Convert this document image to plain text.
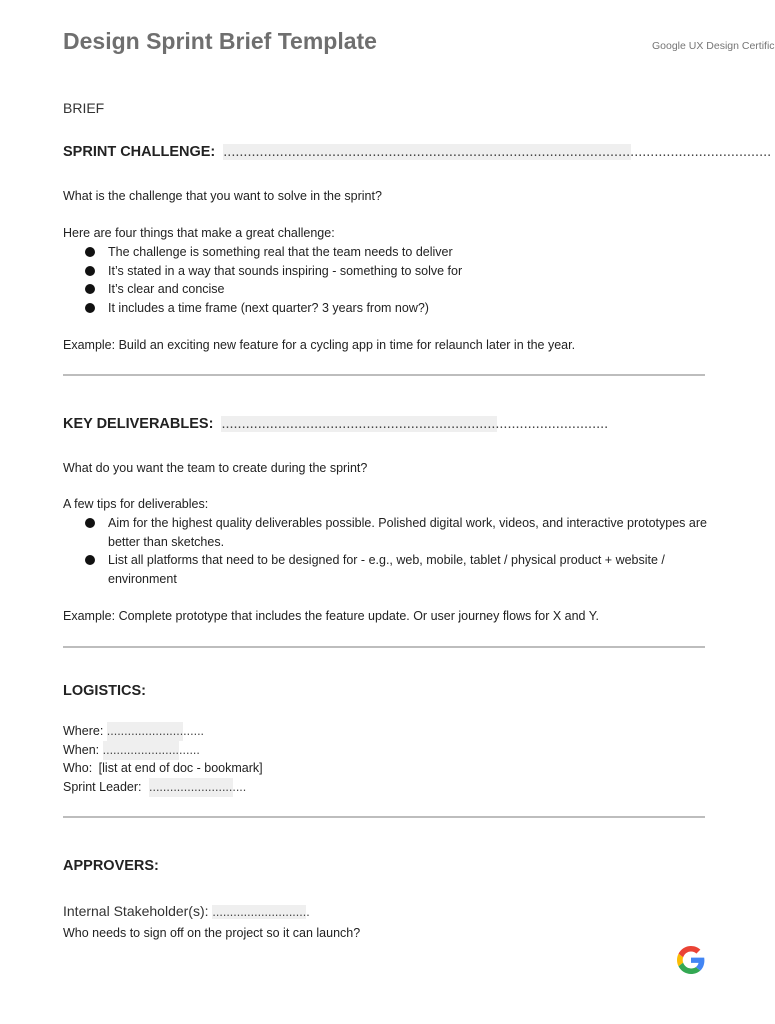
Design Sprint Brief Template	Google UX Design Certific
BRIEF
SPRINT CHALLENGE: ........................................................................................................................................
What is the challenge that you want to solve in the sprint?
Here are four things that make a great challenge:
The challenge is something real that the team needs to deliver
It’s stated in a way that sounds inspiring - something to solve for
It’s clear and concise
It includes a time frame (next quarter? 3 years from now?)
Example: Build an exciting new feature for a cycling app in time for relaunch later in the year.
KEY DELIVERABLES: ................................................................................................
What do you want the team to create during the sprint?
A few tips for deliverables:
Aim for the highest quality deliverables possible. Polished digital work, videos, and interactive prototypes are better than sketches.
List all platforms that need to be designed for - e.g., web, mobile, tablet / physical product + website / environment
Example: Complete prototype that includes the feature update. Or user journey flows for X and Y.
LOGISTICS:
Where: ............................
When: ............................
Who: [list at end of doc - bookmark]
Sprint Leader: ............................
APPROVERS:
Internal Stakeholder(s): ............................
Who needs to sign off on the project so it can launch?
